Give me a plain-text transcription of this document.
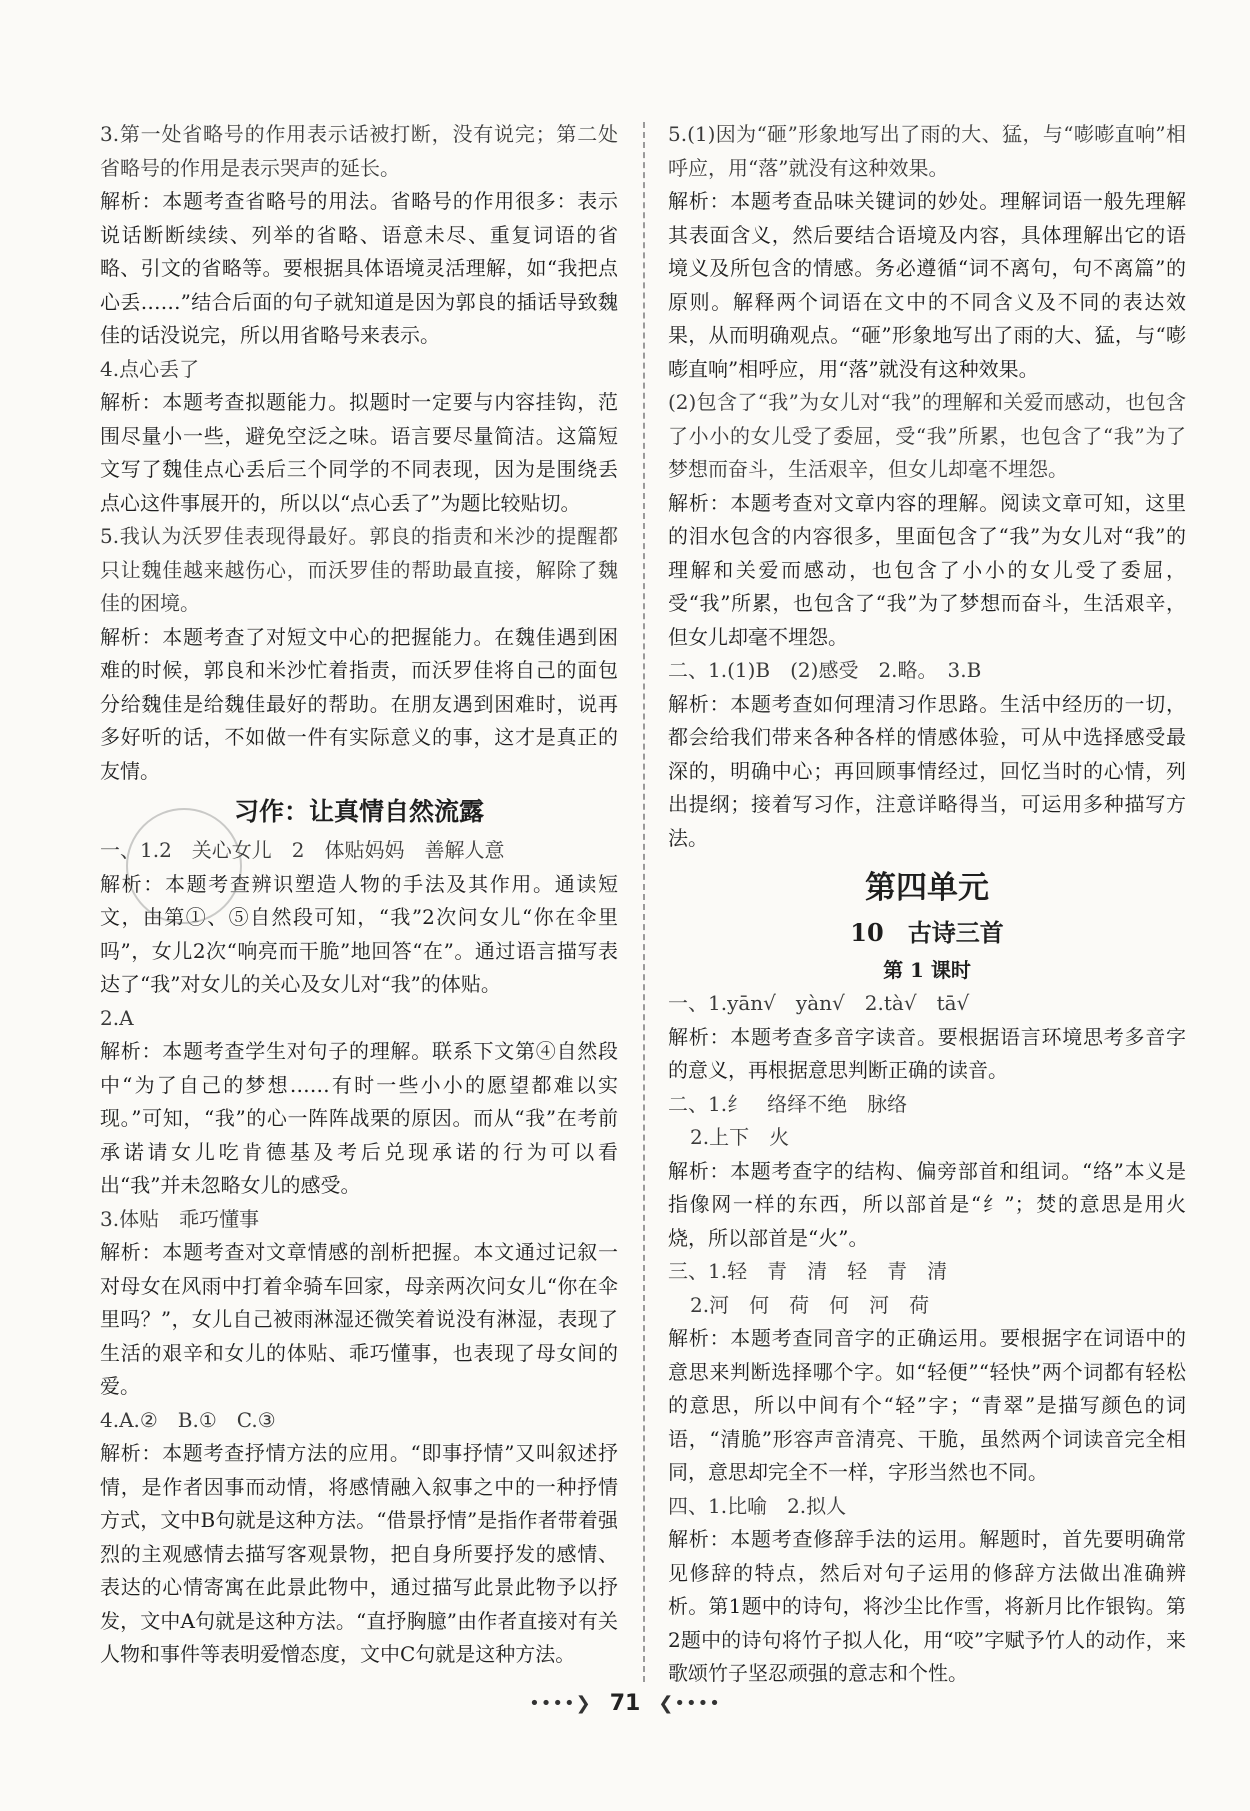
3.第一处省略号的作用表示话被打断，没有说完；第二处省略号的作用是表示哭声的延长。

解析：本题考查省略号的用法。省略号的作用很多：表示说话断断续续、列举的省略、语意未尽、重复词语的省略、引文的省略等。要根据具体语境灵活理解，如“我把点心丢……”结合后面的句子就知道是因为郭良的插话导致魏佳的话没说完，所以用省略号来表示。

4.点心丢了

解析：本题考查拟题能力。拟题时一定要与内容挂钩，范围尽量小一些，避免空泛之味。语言要尽量简洁。这篇短文写了魏佳点心丢后三个同学的不同表现，因为是围绕丢点心这件事展开的，所以以“点心丢了”为题比较贴切。

5.我认为沃罗佳表现得最好。郭良的指责和米沙的提醒都只让魏佳越来越伤心，而沃罗佳的帮助最直接，解除了魏佳的困境。

解析：本题考查了对短文中心的把握能力。在魏佳遇到困难的时候，郭良和米沙忙着指责，而沃罗佳将自己的面包分给魏佳是给魏佳最好的帮助。在朋友遇到困难时，说再多好听的话，不如做一件有实际意义的事，这才是真正的友情。

习作：让真情自然流露

一、1.2　关心女儿　2　体贴妈妈　善解人意

解析：本题考查辨识塑造人物的手法及其作用。通读短文，由第①、⑤自然段可知，“我”2次问女儿“你在伞里吗”，女儿2次“响亮而干脆”地回答“在”。通过语言描写表达了“我”对女儿的关心及女儿对“我”的体贴。

2.A

解析：本题考查学生对句子的理解。联系下文第④自然段中“为了自己的梦想……有时一些小小的愿望都难以实现。”可知，“我”的心一阵阵战栗的原因。而从“我”在考前承诺请女儿吃肯德基及考后兑现承诺的行为可以看出“我”并未忽略女儿的感受。

3.体贴　乖巧懂事

解析：本题考查对文章情感的剖析把握。本文通过记叙一对母女在风雨中打着伞骑车回家，母亲两次问女儿“你在伞里吗？”，女儿自己被雨淋湿还微笑着说没有淋湿，表现了生活的艰辛和女儿的体贴、乖巧懂事，也表现了母女间的爱。

4.A.②　B.①　C.③

解析：本题考查抒情方法的应用。“即事抒情”又叫叙述抒情，是作者因事而动情，将感情融入叙事之中的一种抒情方式，文中B句就是这种方法。“借景抒情”是指作者带着强烈的主观感情去描写客观景物，把自身所要抒发的感情、表达的心情寄寓在此景此物中，通过描写此景此物予以抒发，文中A句就是这种方法。“直抒胸臆”由作者直接对有关人物和事件等表明爱憎态度，文中C句就是这种方法。

5.(1)因为“砸”形象地写出了雨的大、猛，与“嘭嘭直响”相呼应，用“落”就没有这种效果。

解析：本题考查品味关键词的妙处。理解词语一般先理解其表面含义，然后要结合语境及内容，具体理解出它的语境义及所包含的情感。务必遵循“词不离句，句不离篇”的原则。解释两个词语在文中的不同含义及不同的表达效果，从而明确观点。“砸”形象地写出了雨的大、猛，与“嘭嘭直响”相呼应，用“落”就没有这种效果。

(2)包含了“我”为女儿对“我”的理解和关爱而感动，也包含了小小的女儿受了委屈，受“我”所累，也包含了“我”为了梦想而奋斗，生活艰辛，但女儿却毫不埋怨。

解析：本题考查对文章内容的理解。阅读文章可知，这里的泪水包含的内容很多，里面包含了“我”为女儿对“我”的理解和关爱而感动，也包含了小小的女儿受了委屈，受“我”所累，也包含了“我”为了梦想而奋斗，生活艰辛，但女儿却毫不埋怨。

二、1.(1)B　(2)感受　2.略。　3.B

解析：本题考查如何理清习作思路。生活中经历的一切，都会给我们带来各种各样的情感体验，可从中选择感受最深的，明确中心；再回顾事情经过，回忆当时的心情，列出提纲；接着写习作，注意详略得当，可运用多种描写方法。

第四单元
10　古诗三首
第 1 课时

一、1.yān√　yàn√　2.tà√　tā√

解析：本题考查多音字读音。要根据语言环境思考多音字的意义，再根据意思判断正确的读音。

二、1.纟　络绎不绝　脉络

2.上下　火

解析：本题考查字的结构、偏旁部首和组词。“络”本义是指像网一样的东西，所以部首是“纟”；焚的意思是用火烧，所以部首是“火”。

三、1.轻　青　清　轻　青　清

2.河　何　荷　何　河　荷

解析：本题考查同音字的正确运用。要根据字在词语中的意思来判断选择哪个字。如“轻便”“轻快”两个词都有轻松的意思，所以中间有个“轻”字；“青翠”是描写颜色的词语，“清脆”形容声音清亮、干脆，虽然两个词读音完全相同，意思却完全不一样，字形当然也不同。

四、1.比喻　2.拟人

解析：本题考查修辞手法的运用。解题时，首先要明确常见修辞的特点，然后对句子运用的修辞方法做出准确辨析。第1题中的诗句，将沙尘比作雪，将新月比作银钩。第2题中的诗句将竹子拟人化，用“咬”字赋予竹人的动作，来歌颂竹子坚忍顽强的意志和个性。

••••❯ 71 ❮••••
